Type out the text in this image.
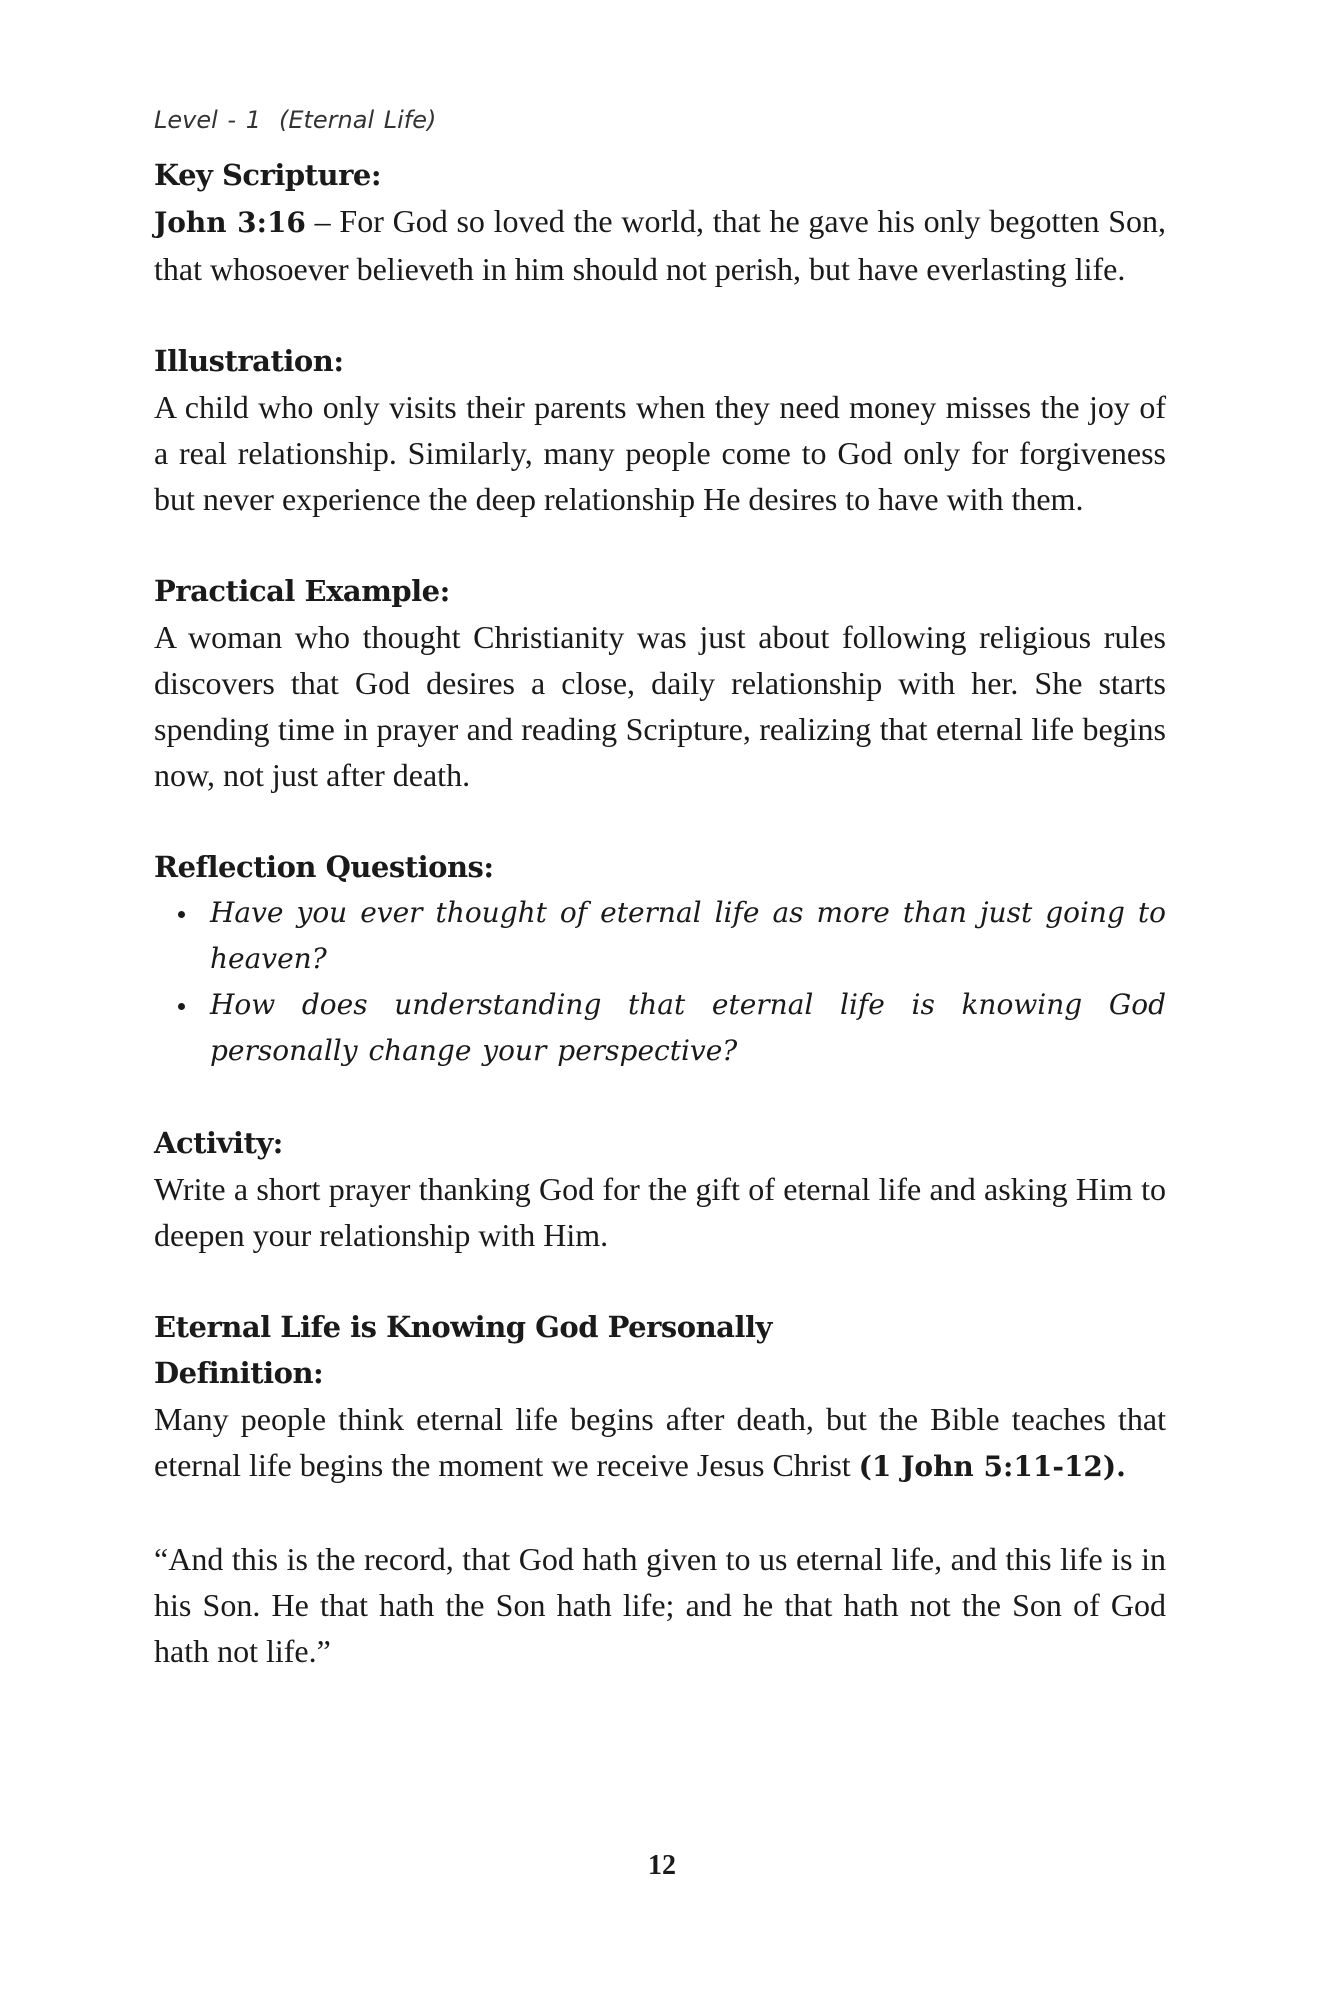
Level - 1 (Eternal Life)
Key Scripture:

John 3:16 – For God so loved the world, that he gave his only begotten Son, that whosoever believeth in him should not perish, but have everlasting life.

Illustration:

A child who only visits their parents when they need money misses the joy of a real relationship. Similarly, many people come to God only for forgiveness but never experience the deep relationship He desires to have with them.

Practical Example:

A woman who thought Christianity was just about following religious rules discovers that God desires a close, daily relationship with her. She starts spending time in prayer and reading Scripture, realizing that eternal life begins now, not just after death.

Reflection Questions:
Have you ever thought of eternal life as more than just going to heaven?
How does understanding that eternal life is knowing God personally change your perspective?
Activity:

Write a short prayer thanking God for the gift of eternal life and asking Him to deepen your relationship with Him.

Eternal Life is Knowing God Personally
Definition:

Many people think eternal life begins after death, but the Bible teaches that eternal life begins the moment we receive Jesus Christ (1 John 5:11-12).

“And this is the record, that God hath given to us eternal life, and this life is in his Son. He that hath the Son hath life; and he that hath not the Son of God hath not life.”

12
